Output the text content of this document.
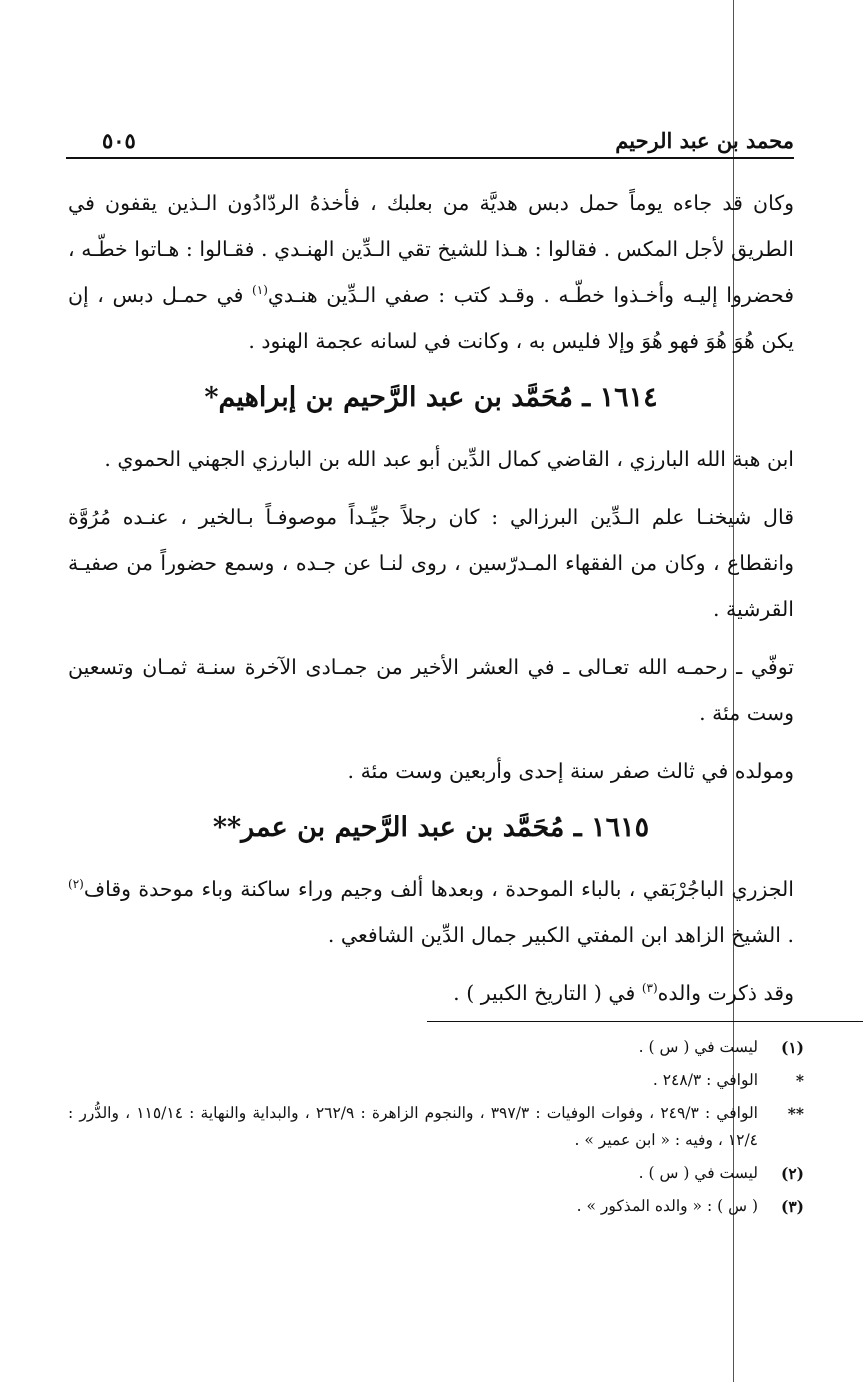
محمد بن عبد الرحيم
٥٠٥

وكان قد جاءه يوماً حمل دبس هديَّة من بعلبك ، فأخذهُ الردّادُون الـذين يقفون في الطريق لأجل المكس . فقالوا : هـذا للشيخ تقي الـدِّين الهنـدي . فقـالوا : هـاتوا خطّـه ، فحضروا إليـه وأخـذوا خطّـه . وقـد كتب : صفي الـدِّين هنـدي$^{(١)}$ في حمـل دبس ، إن يكن هُوَ هُوَ فهو هُوَ وإلا فليس به ، وكانت في لسانه عجمة الهنود .

١٦١٤ ـ مُحَمَّد بن عبد الرَّحيم بن إبراهيم*

ابن هبة الله البارزي ، القاضي كمال الدِّين أبو عبد الله بن البارزي الجهني الحموي .

قال شيخنـا علم الـدِّين البرزالي : كان رجلاً جيِّـداً موصوفـاً بـالخير ، عنـده مُرُوَّة وانقطاع ، وكان من الفقهاء المـدرّسين ، روى لنـا عن جـده ، وسمع حضوراً من صفيـة القرشية .

توفّي ـ رحمـه الله تعـالى ـ في العشر الأخير من جمـادى الآخرة سنـة ثمـان وتسعين وست مئة .

ومولده في ثالث صفر سنة إحدى وأربعين وست مئة .

١٦١٥ ـ مُحَمَّد بن عبد الرَّحيم بن عمر**

الجزري الباجُرْبَقي ، بالباء الموحدة ، وبعدها ألف وجيم وراء ساكنة وباء موحدة وقاف$^{(٢)}$ . الشيخ الزاهد ابن المفتي الكبير جمال الدِّين الشافعي .

وقد ذكرت والده$^{(٣)}$ في ( التاريخ الكبير ) .

(١)
ليست في ( س ) .
*
الوافي : ٢٤٨/٣ .
**
الوافي : ٢٤٩/٣ ، وفوات الوفيات : ٣٩٧/٣ ، والنجوم الزاهرة : ٢٦٢/٩ ، والبداية والنهاية : ١١٥/١٤ ، والدُّرر : ١٢/٤ ، وفيه : « ابن عمير » .
(٢)
ليست في ( س ) .
(٣)
( س ) : « والده المذكور » .
